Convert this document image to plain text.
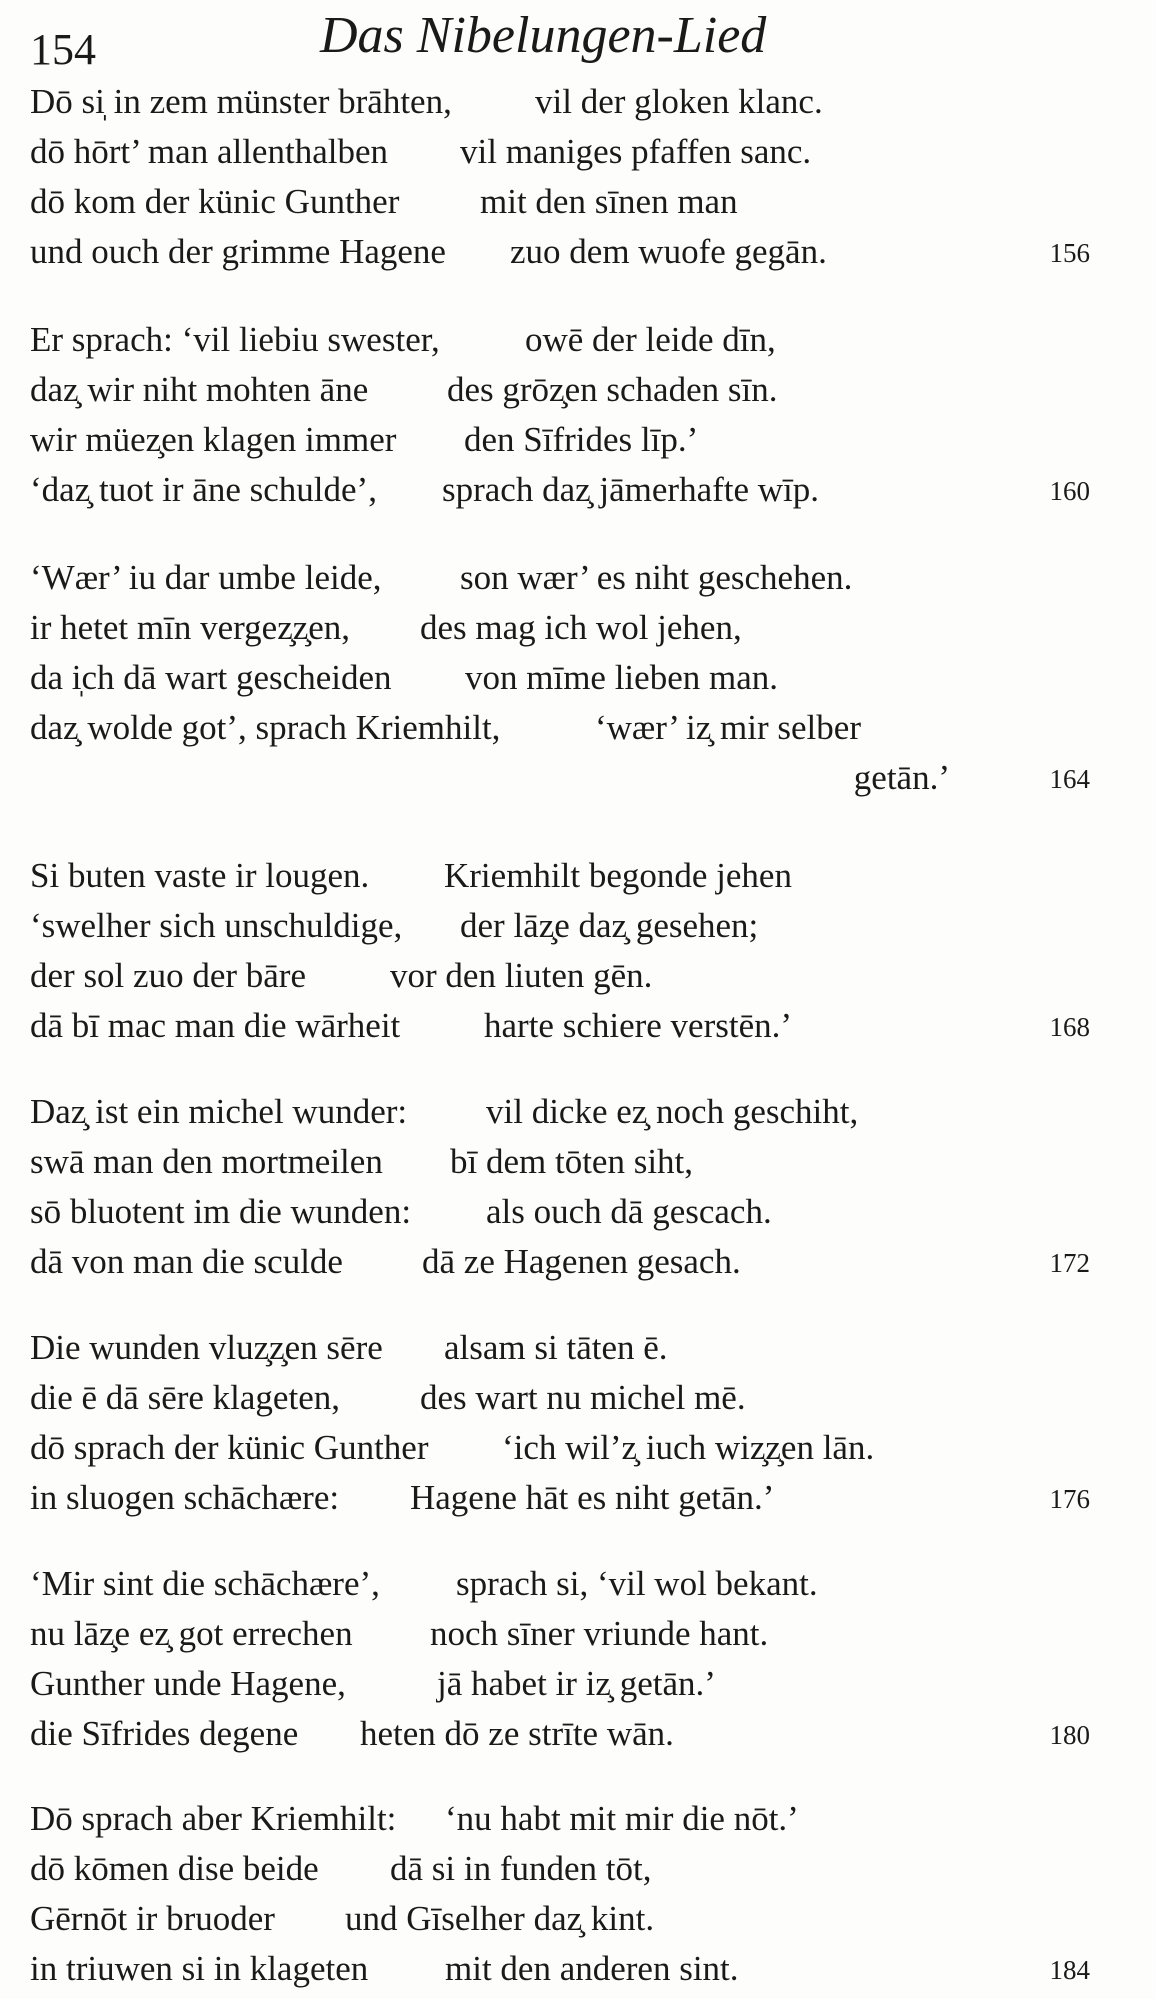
154	Das Nibelungen-Lied
Dō si̩ in zem münster brāhten, vil der gloken klanc.
dō hōrt’ man allenthalben vil maniges pfaffen sanc.
dō kom der künic Gunther mit den sīnen man
und ouch der grimme Hagene zuo dem wuofe gegān.	156
Er sprach: ‘vil liebiu swester, owē der leide dīn,
daz̧ wir niht mohten āne des grōz̧en schaden sīn.
wir müez̧en klagen immer den Sīfrides līp.’
‘daz̧ tuot ir āne schulde’, sprach daz̧ jāmerhafte wīp.	160
‘Wær’ iu dar umbe leide, son wær’ es niht geschehen.
ir hetet mīn vergez̧z̧en, des mag ich wol jehen,
da i̩ch dā wart gescheiden von mīme lieben man.
daz̧ wolde got’, sprach Kriemhilt,	‘wær’ iz̧ mir selber
getān.’	164
Si buten vaste ir lougen. Kriemhilt begonde jehen
‘swelher sich unschuldige, der lāz̧e daz̧ gesehen;
der sol zuo der bāre vor den liuten gēn.
dā bī mac man die wārheit harte schiere verstēn.’	168
Daz̧ ist ein michel wunder: vil dicke ez̧ noch geschiht,
swā man den mortmeilen bī dem tōten siht,
sō bluotent im die wunden: als ouch dā gescach.
dā von man die sculde dā ze Hagenen gesach.	172
Die wunden vluz̧z̧en sēre alsam si tāten ē.
die ē dā sēre klageten, des wart nu michel mē.
dō sprach der künic Gunther ‘ich wil’z̧ iuch wiz̧z̧en lān.
in sluogen schāchære: Hagene hāt es niht getān.’	176
‘Mir sint die schāchære’, sprach si, ‘vil wol bekant.
nu lāz̧e ez̧ got errechen noch sīner vriunde hant.
Gunther unde Hagene,	jā habet ir iz̧ getān.’
die Sīfrides degene heten dō ze strīte wān.	180
Dō sprach aber Kriemhilt: ‘nu habt mit mir die nōt.’
dō kōmen dise beide dā si in funden tōt,
Gērnōt ir bruoder und Gīselher daz̧ kint.
in triuwen si in klageten mit den anderen sint.	184
